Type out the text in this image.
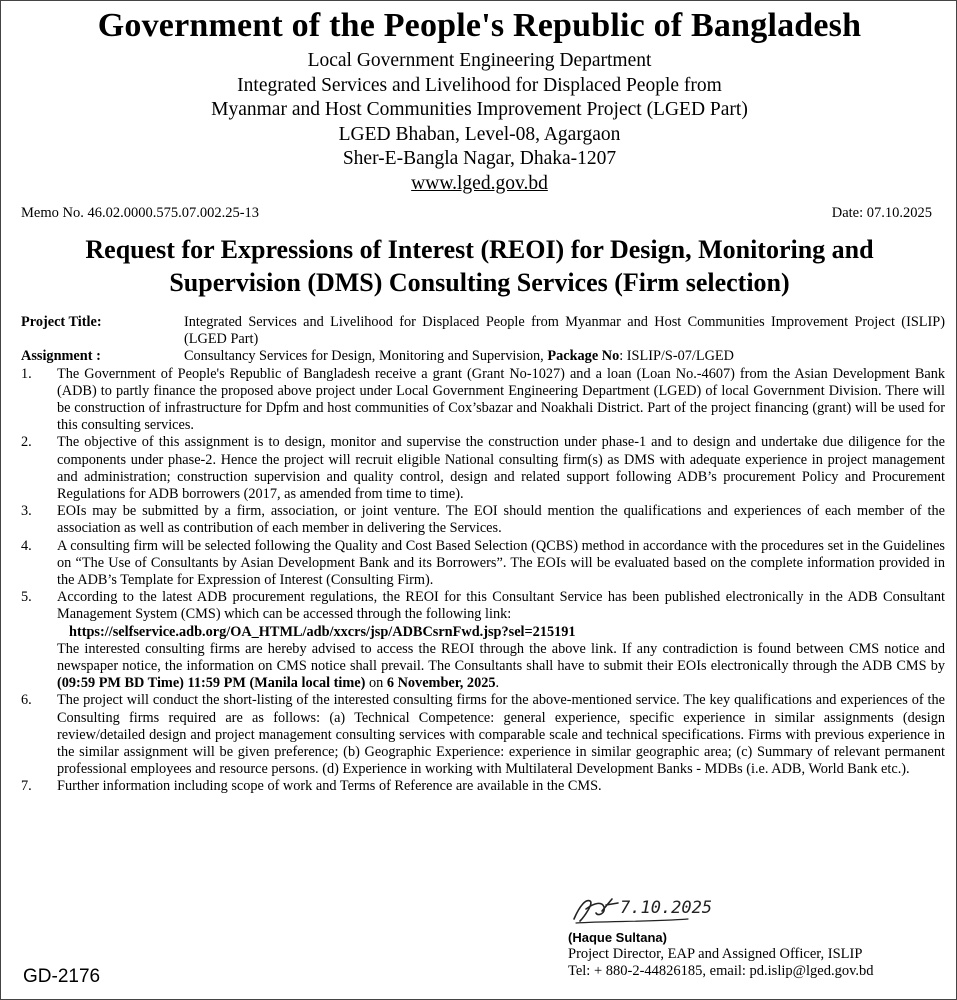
Government of the People's Republic of Bangladesh
Local Government Engineering Department
Integrated Services and Livelihood for Displaced People from
Myanmar and Host Communities Improvement Project (LGED Part)
LGED Bhaban, Level-08, Agargaon
Sher-E-Bangla Nagar, Dhaka-1207
www.lged.gov.bd
Memo No. 46.02.0000.575.07.002.25-13	Date: 07.10.2025
Request for Expressions of Interest (REOI) for Design, Monitoring and
Supervision (DMS) Consulting Services (Firm selection)
Project Title:	Integrated Services and Livelihood for Displaced People from Myanmar and Host Communities Improvement Project (ISLIP) (LGED Part)
Assignment :	Consultancy Services for Design, Monitoring and Supervision, Package No: ISLIP/S-07/LGED
1.	The Government of People's Republic of Bangladesh receive a grant (Grant No-1027) and a loan (Loan No.-4607) from the Asian Development Bank (ADB) to partly finance the proposed above project under Local Government Engineering Department (LGED) of local Government Division. There will be construction of infrastructure for Dpfm and host communities of Cox’sbazar and Noakhali District. Part of the project financing (grant) will be used for this consulting services.
2.	The objective of this assignment is to design, monitor and supervise the construction under phase-1 and to design and undertake due diligence for the components under phase-2. Hence the project will recruit eligible National consulting firm(s) as DMS with adequate experience in project management and administration; construction supervision and quality control, design and related support following ADB’s procurement Policy and Procurement Regulations for ADB borrowers (2017, as amended from time to time).
3.	EOIs may be submitted by a firm, association, or joint venture. The EOI should mention the qualifications and experiences of each member of the association as well as contribution of each member in delivering the Services.
4.	A consulting firm will be selected following the Quality and Cost Based Selection (QCBS) method in accordance with the procedures set in the Guidelines on “The Use of Consultants by Asian Development Bank and its Borrowers”. The EOIs will be evaluated based on the complete information provided in the ADB’s Template for Expression of Interest (Consulting Firm).
5.	According to the latest ADB procurement regulations, the REOI for this Consultant Service has been published electronically in the ADB Consultant Management System (CMS) which can be accessed through the following link:
https://selfservice.adb.org/OA_HTML/adb/xxcrs/jsp/ADBCsrnFwd.jsp?sel=215191
The interested consulting firms are hereby advised to access the REOI through the above link. If any contradiction is found between CMS notice and newspaper notice, the information on CMS notice shall prevail. The Consultants shall have to submit their EOIs electronically through the ADB CMS by (09:59 PM BD Time) 11:59 PM (Manila local time) on 6 November, 2025.
6.	The project will conduct the short-listing of the interested consulting firms for the above-mentioned service. The key qualifications and experiences of the Consulting firms required are as follows: (a) Technical Competence: general experience, specific experience in similar assignments (design review/detailed design and project management consulting services with comparable scale and technical specifications. Firms with previous experience in the similar assignment will be given preference; (b) Geographic Experience: experience in similar geographic area; (c) Summary of relevant permanent professional employees and resource persons. (d) Experience in working with Multilateral Development Banks - MDBs (i.e. ADB, World Bank etc.).
7.	Further information including scope of work and Terms of Reference are available in the CMS.
7.10.2025
(Haque Sultana)
Project Director, EAP and Assigned Officer, ISLIP
Tel: + 880-2-44826185, email: pd.islip@lged.gov.bd
GD-2176
